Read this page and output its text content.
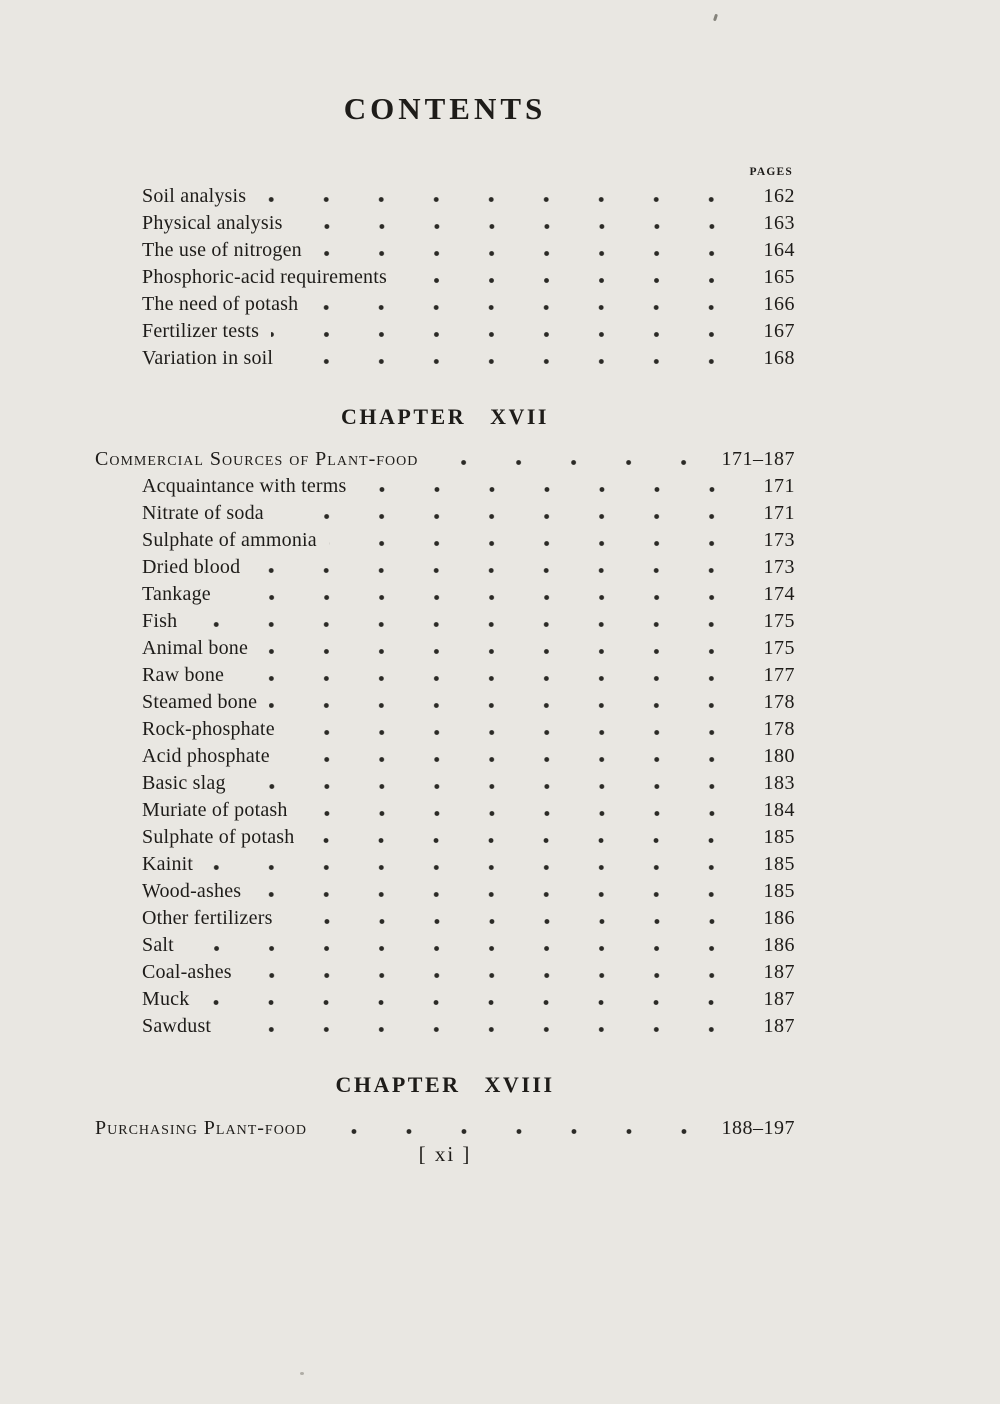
CONTENTS
PAGES
Soil analysis	162
Physical analysis	163
The use of nitrogen	164
Phosphoric-acid requirements	165
The need of potash	166
Fertilizer tests	167
Variation in soil	168
CHAPTER XVII
Commercial Sources of Plant-food	171–187
Acquaintance with terms	171
Nitrate of soda	171
Sulphate of ammonia	173
Dried blood	173
Tankage	174
Fish	175
Animal bone	175
Raw bone	177
Steamed bone	178
Rock-phosphate	178
Acid phosphate	180
Basic slag	183
Muriate of potash	184
Sulphate of potash	185
Kainit	185
Wood-ashes	185
Other fertilizers	186
Salt	186
Coal-ashes	187
Muck	187
Sawdust	187
CHAPTER XVIII
Purchasing Plant-food	188–197
[ xi ]
